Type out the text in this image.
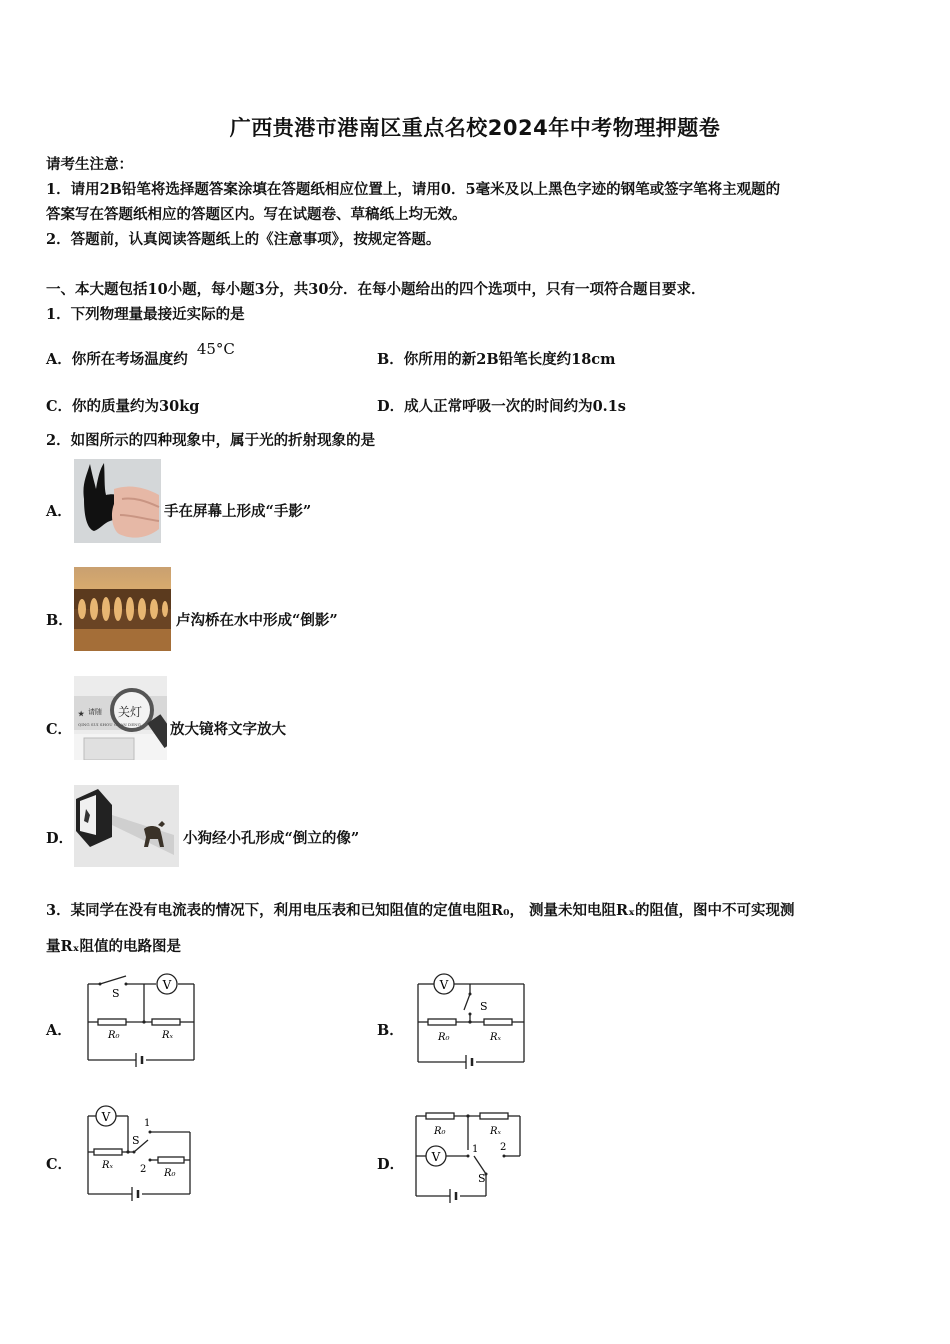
广西贵港市港南区重点名校2024年中考物理押题卷
请考生注意：
1．请用2B铅笔将选择题答案涂填在答题纸相应位置上，请用0．5毫米及以上黑色字迹的钢笔或签字笔将主观题的
答案写在答题纸相应的答题区内。写在试题卷、草稿纸上均无效。
2．答题前，认真阅读答题纸上的《注意事项》，按规定答题。
一、本大题包括10小题，每小题3分，共30分．在每小题给出的四个选项中，只有一项符合题目要求．
1．下列物理量最接近实际的是
A．你所在考场温度约 45°C
B．你所用的新2B铅笔长度约18cm
C．你的质量约为30kg	D．成人正常呼吸一次的时间约为0.1s
2．如图所示的四种现象中，属于光的折射现象的是
A．	手在屏幕上形成“手影”
B．	卢沟桥在水中形成“倒影”
C．
★ 请随 关灯
QING SUI SHOU GUAN DENG 放大镜将文字放大
D．	小狗经小孔形成“倒立的像”
3．某同学在没有电流表的情况下，利用电压表和已知阻值的定值电阻R₀， 测量未知电阻Rₓ的阻值，图中不可实现测
量Rₓ阻值的电路图是
A．
V
S
R₀	Rₓ	B．
V
S
R₀	Rₓ
C．
V
S
1
2
Rₓ
R₀
D． V
S
1 2
R₀	Rₓ
